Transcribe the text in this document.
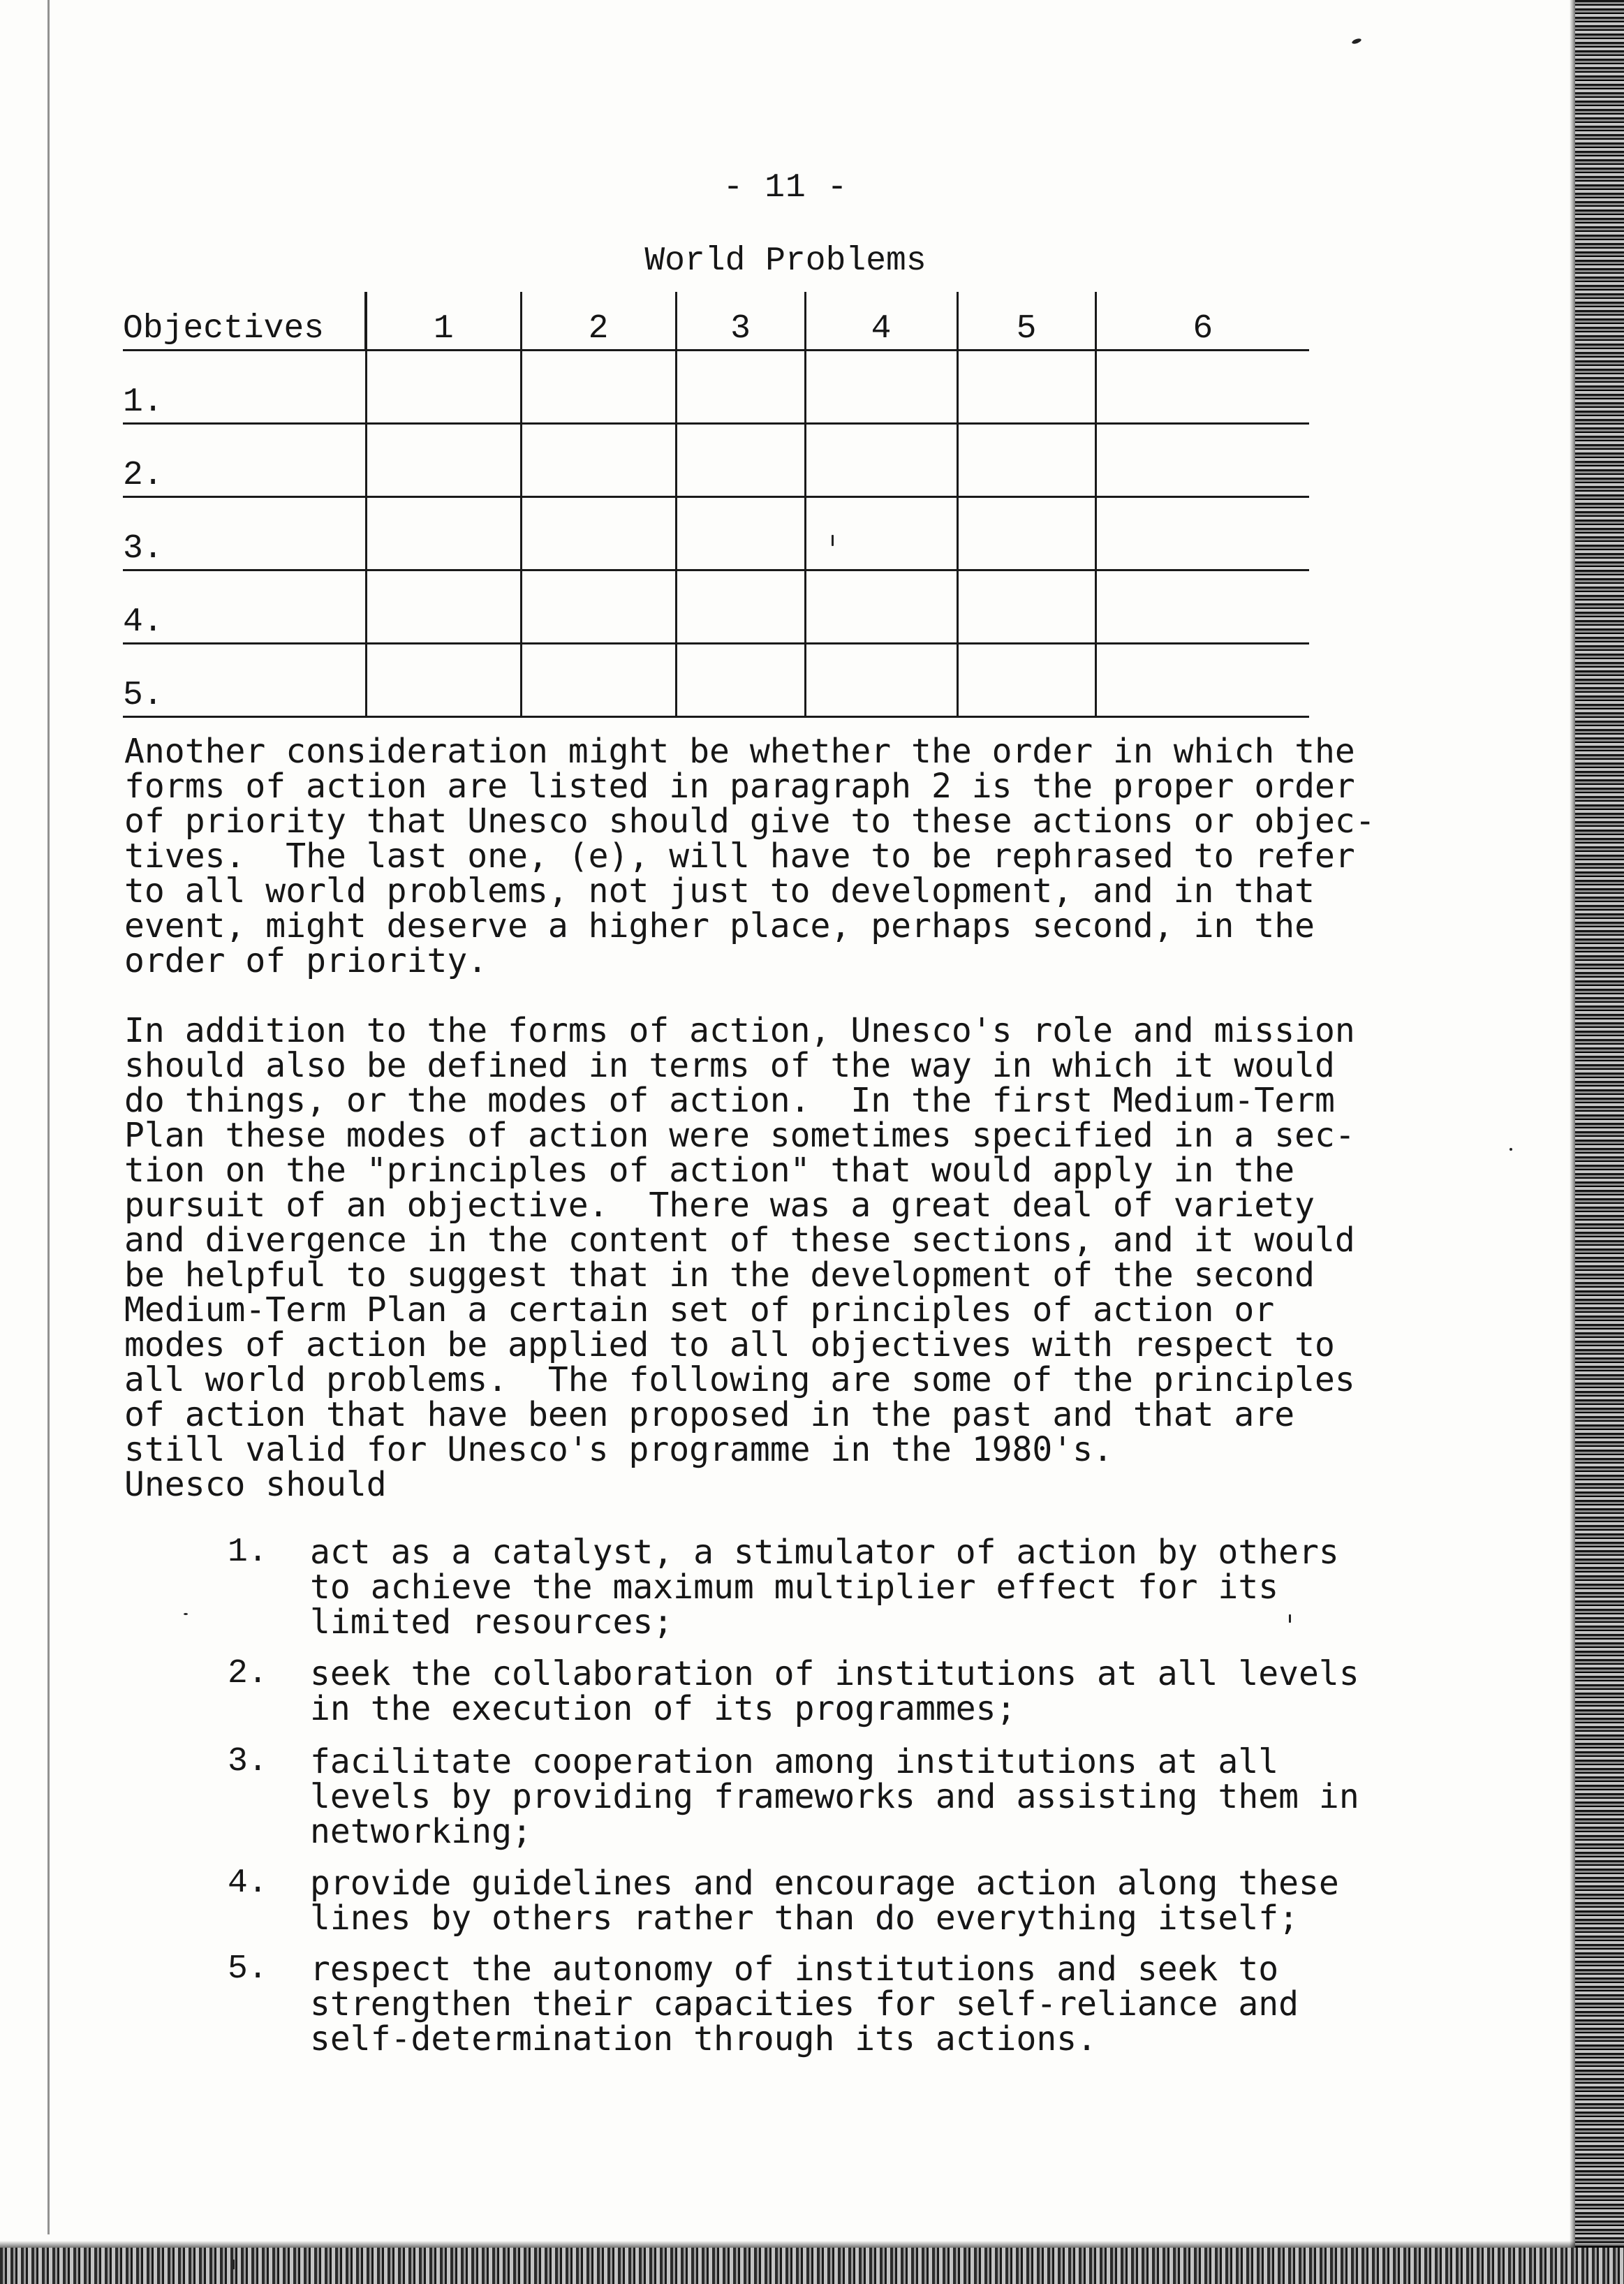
- 11 -
World Problems
Objectives	1	2	3	4	5	6
1.						
2.						
3.						
4.						
5.						
Another consideration might be whether the order in which the
forms of action are listed in paragraph 2 is the proper order
of priority that Unesco should give to these actions or objec-
tives.  The last one, (e), will have to be rephrased to refer
to all world problems, not just to development, and in that
event, might deserve a higher place, perhaps second, in the
order of priority.
In addition to the forms of action, Unesco's role and mission
should also be defined in terms of the way in which it would
do things, or the modes of action.  In the first Medium-Term
Plan these modes of action were sometimes specified in a sec-
tion on the "principles of action" that would apply in the
pursuit of an objective.  There was a great deal of variety
and divergence in the content of these sections, and it would
be helpful to suggest that in the development of the second
Medium-Term Plan a certain set of principles of action or
modes of action be applied to all objectives with respect to
all world problems.  The following are some of the principles
of action that have been proposed in the past and that are
still valid for Unesco's programme in the 1980's.
Unesco should
1. act as a catalyst, a stimulator of action by others
to achieve the maximum multiplier effect for its
limited resources;
2. seek the collaboration of institutions at all levels
in the execution of its programmes;
3. facilitate cooperation among institutions at all
levels by providing frameworks and assisting them in
networking;
4. provide guidelines and encourage action along these
lines by others rather than do everything itself;
5. respect the autonomy of institutions and seek to
strengthen their capacities for self-reliance and
self-determination through its actions.
